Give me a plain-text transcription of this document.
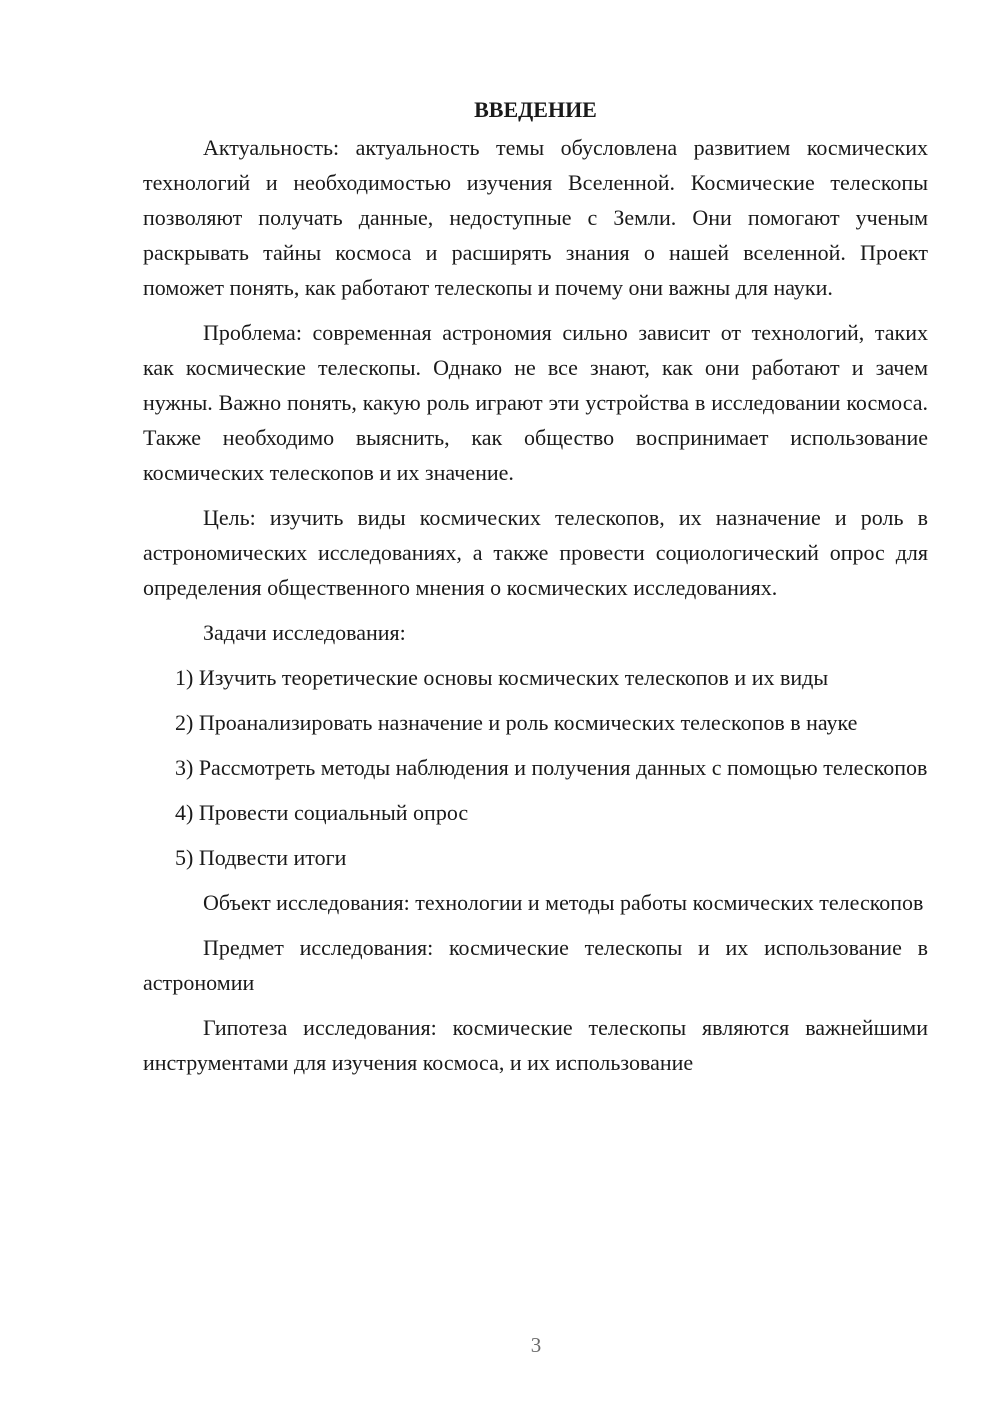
ВВЕДЕНИЕ

Актуальность: актуальность темы обусловлена развитием космических технологий и необходимостью изучения Вселенной. Космические телескопы позволяют получать данные, недоступные с Земли. Они помогают ученым раскрывать тайны космоса и расширять знания о нашей вселенной. Проект поможет понять, как работают телескопы и почему они важны для науки.

Проблема: современная астрономия сильно зависит от технологий, таких как космические телескопы. Однако не все знают, как они работают и зачем нужны. Важно понять, какую роль играют эти устройства в исследовании космоса. Также необходимо выяснить, как общество воспринимает использование космических телескопов и их значение.

Цель: изучить виды космических телескопов, их назначение и роль в астрономических исследованиях, а также провести социологический опрос для определения общественного мнения о космических исследованиях.

Задачи исследования:

1) Изучить теоретические основы космических телескопов и их виды

2) Проанализировать назначение и роль космических телескопов в науке

3) Рассмотреть методы наблюдения и получения данных с помощью телескопов

4) Провести социальный опрос

5) Подвести итоги

Объект исследования: технологии и методы работы космических телескопов

Предмет исследования: космические телескопы и их использование в астрономии

Гипотеза исследования: космические телескопы являются важнейшими инструментами для изучения космоса, и их использование

3
